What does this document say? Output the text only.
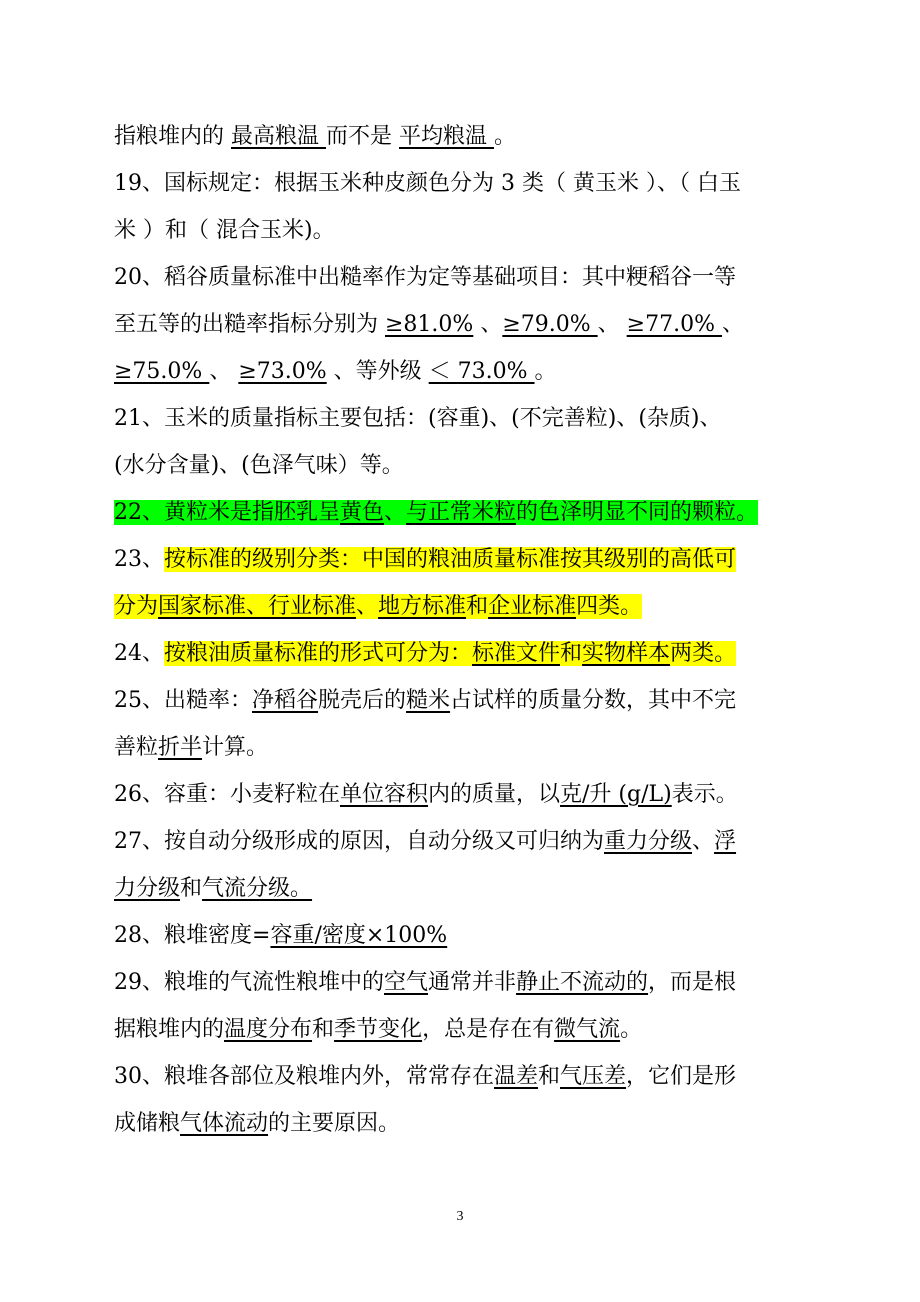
指粮堆内的 最高粮温 而不是 平均粮温 。
19、国标规定：根据玉米种皮颜色分为 3 类（ 黄玉米 ）、（ 白玉
米 ）和（ 混合玉米)。
20、稻谷质量标准中出糙率作为定等基础项目：其中粳稻谷一等
至五等的出糙率指标分别为 ≥81.0% 、≥79.0% 、 ≥77.0% 、
≥75.0% 、 ≥73.0% 、等外级 ＜ 73.0% 。
21、玉米的质量指标主要包括：(容重)、(不完善粒)、(杂质)、
(水分含量)、(色泽气味）等。
22、黄粒米是指胚乳呈黄色、与正常米粒的色泽明显不同的颗粒。
23、按标准的级别分类：中国的粮油质量标准按其级别的高低可
分为国家标准、行业标准、地方标准和企业标准四类。
24、按粮油质量标准的形式可分为：标准文件和实物样本两类。
25、出糙率：净稻谷脱壳后的糙米占试样的质量分数，其中不完
善粒折半计算。
26、容重：小麦籽粒在单位容积内的质量，以克/升 (g/L)表示。
27、按自动分级形成的原因，自动分级又可归纳为重力分级、浮
力分级和气流分级。
28、粮堆密度=容重/密度×100%
29、粮堆的气流性粮堆中的空气通常并非静止不流动的，而是根
据粮堆内的温度分布和季节变化，总是存在有微气流。
30、粮堆各部位及粮堆内外，常常存在温差和气压差，它们是形
成储粮气体流动的主要原因。
3
